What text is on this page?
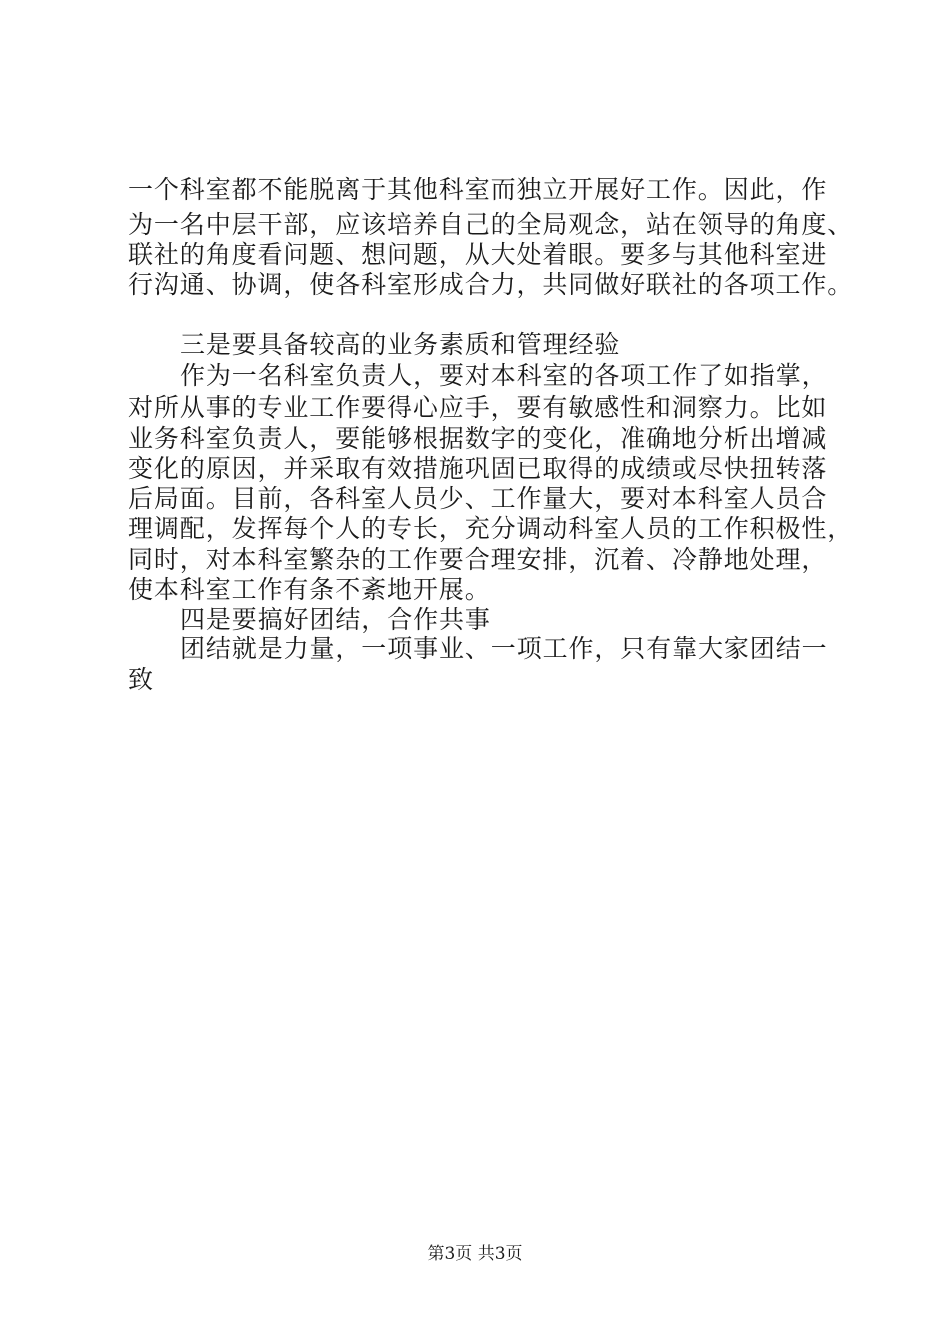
一个科室都不能脱离于其他科室而独立开展好工作。因此，作
为一名中层干部，应该培养自己的全局观念，站在领导的角度、
联社的角度看问题、想问题，从大处着眼。要多与其他科室进
行沟通、协调，使各科室形成合力，共同做好联社的各项工作。
三是要具备较高的业务素质和管理经验
作为一名科室负责人，要对本科室的各项工作了如指掌，
对所从事的专业工作要得心应手，要有敏感性和洞察力。比如
业务科室负责人，要能够根据数字的变化，准确地分析出增减
变化的原因，并采取有效措施巩固已取得的成绩或尽快扭转落
后局面。目前，各科室人员少、工作量大，要对本科室人员合
理调配，发挥每个人的专长，充分调动科室人员的工作积极性，
同时，对本科室繁杂的工作要合理安排，沉着、冷静地处理，
使本科室工作有条不紊地开展。
四是要搞好团结，合作共事
团结就是力量，一项事业、一项工作，只有靠大家团结一
致
第3页 共3页
